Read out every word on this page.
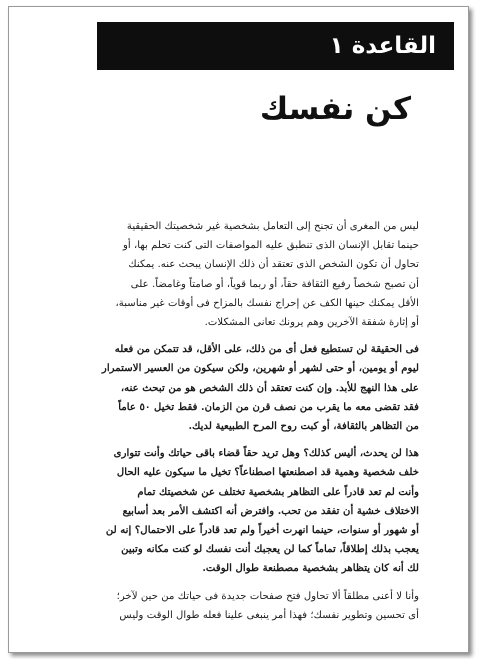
القاعدة ١
كن نفسك

ليس من المغرى أن تجنح إلى التعامل بشخصية غير شخصيتك الحقيقية
حينما تقابل الإنسان الذى تنطبق عليه المواصفات التى كنت تحلم بها، أو
تحاول أن تكون الشخص الذى تعتقد أن ذلك الإنسان يبحث عنه. يمكنك
أن تصبح شخصاً رفيع الثقافة حقاً، أو ربما قوياً، أو صامتاً وغامضاً. على
الأقل يمكنك حينها الكف عن إحراج نفسك بالمزاح فى أوقات غير مناسبة،
أو إثارة شفقة الآخرين وهم يرونك تعانى المشكلات.

فى الحقيقة لن تستطيع فعل أى من ذلك، على الأقل، قد تتمكن من فعله
ليوم أو يومين، أو حتى لشهر أو شهرين، ولكن سيكون من العسير الاستمرار
على هذا النهج للأبد. وإن كنت تعتقد أن ذلك الشخص هو من تبحث عنه،
فقد تقضى معه ما يقرب من نصف قرن من الزمان. فقط تخيل ٥٠ عاماً
من التظاهر بالثقافة، أو كبت روح المرح الطبيعية لديك.

هذا لن يحدث، أليس كذلك؟ وهل تريد حقاً قضاء باقى حياتك وأنت تتوارى
خلف شخصية وهمية قد اصطنعتها اصطناعاً؟ تخيل ما سيكون عليه الحال
وأنت لم تعد قادراً على التظاهر بشخصية تختلف عن شخصيتك تمام
الاختلاف خشية أن تفقد من تحب. وافترض أنه اكتشف الأمر بعد أسابيع
أو شهور أو سنوات، حينما انهرت أخيراً ولم تعد قادراً على الاحتمال؟ إنه لن
يعجب بذلك إطلاقاً، تماماً كما لن يعجبك أنت نفسك لو كنت مكانه وتبين
لك أنه كان يتظاهر بشخصية مصطنعة طوال الوقت.

وأنا لا أعنى مطلقاً ألا تحاول فتح صفحات جديدة فى حياتك من حين لآخر؛
أى تحسين وتطوير نفسك؛ فهذا أمر ينبغى علينا فعله طوال الوقت وليس
